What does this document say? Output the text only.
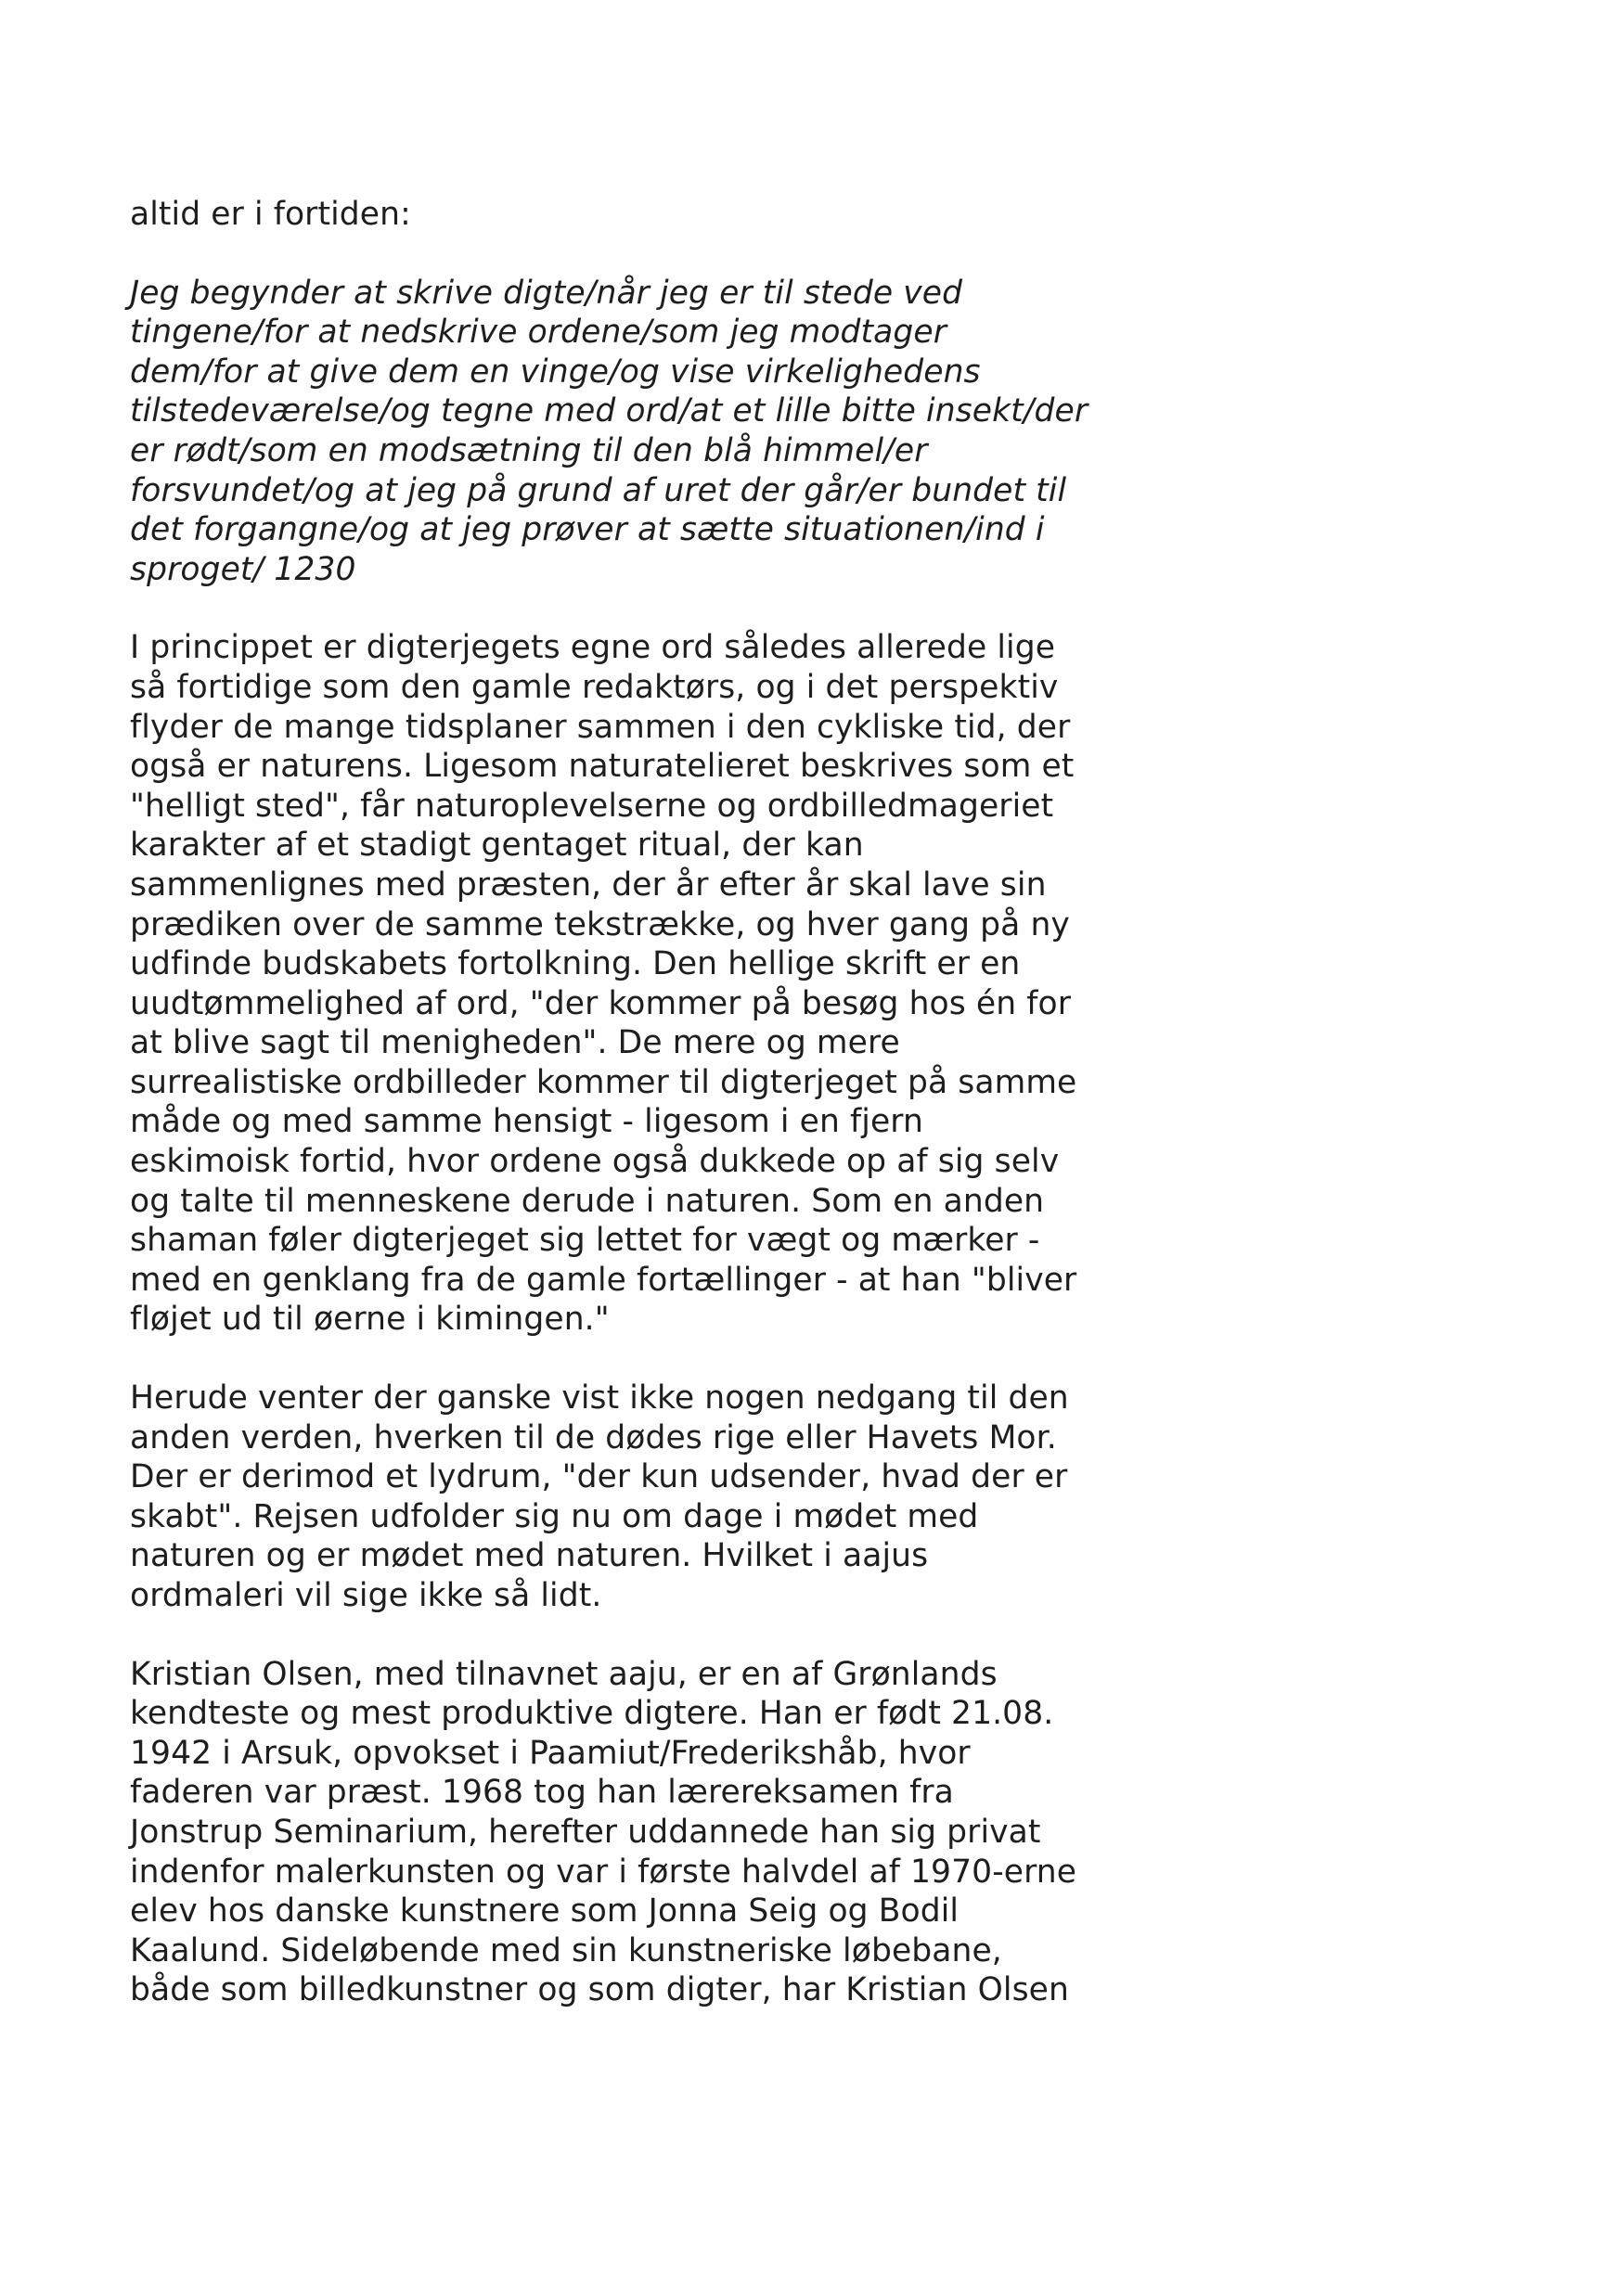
altid er i fortiden:
Jeg begynder at skrive digte/når jeg er til stede ved
tingene/for at nedskrive ordene/som jeg modtager
dem/for at give dem en vinge/og vise virkelighedens
tilstedeværelse/og tegne med ord/at et lille bitte insekt/der
er rødt/som en modsætning til den blå himmel/er
forsvundet/og at jeg på grund af uret der går/er bundet til
det forgangne/og at jeg prøver at sætte situationen/ind i
sproget/ 1230
I princippet er digterjegets egne ord således allerede lige
så fortidige som den gamle redaktørs, og i det perspektiv
flyder de mange tidsplaner sammen i den cykliske tid, der
også er naturens. Ligesom naturatelieret beskrives som et
"helligt sted", får naturoplevelserne og ordbilledmageriet
karakter af et stadigt gentaget ritual, der kan
sammenlignes med præsten, der år efter år skal lave sin
prædiken over de samme tekstrække, og hver gang på ny
udfinde budskabets fortolkning. Den hellige skrift er en
uudtømmelighed af ord, "der kommer på besøg hos én for
at blive sagt til menigheden". De mere og mere
surrealistiske ordbilleder kommer til digterjeget på samme
måde og med samme hensigt - ligesom i en fjern
eskimoisk fortid, hvor ordene også dukkede op af sig selv
og talte til menneskene derude i naturen. Som en anden
shaman føler digterjeget sig lettet for vægt og mærker -
med en genklang fra de gamle fortællinger - at han "bliver
fløjet ud til øerne i kimingen."
Herude venter der ganske vist ikke nogen nedgang til den
anden verden, hverken til de dødes rige eller Havets Mor.
Der er derimod et lydrum, "der kun udsender, hvad der er
skabt". Rejsen udfolder sig nu om dage i mødet med
naturen og er mødet med naturen. Hvilket i aajus
ordmaleri vil sige ikke så lidt.
Kristian Olsen, med tilnavnet aaju, er en af Grønlands
kendteste og mest produktive digtere. Han er født 21.08.
1942 i Arsuk, opvokset i Paamiut/Frederikshåb, hvor
faderen var præst. 1968 tog han lærereksamen fra
Jonstrup Seminarium, herefter uddannede han sig privat
indenfor malerkunsten og var i første halvdel af 1970-erne
elev hos danske kunstnere som Jonna Seig og Bodil
Kaalund. Sideløbende med sin kunstneriske løbebane,
både som billedkunstner og som digter, har Kristian Olsen
